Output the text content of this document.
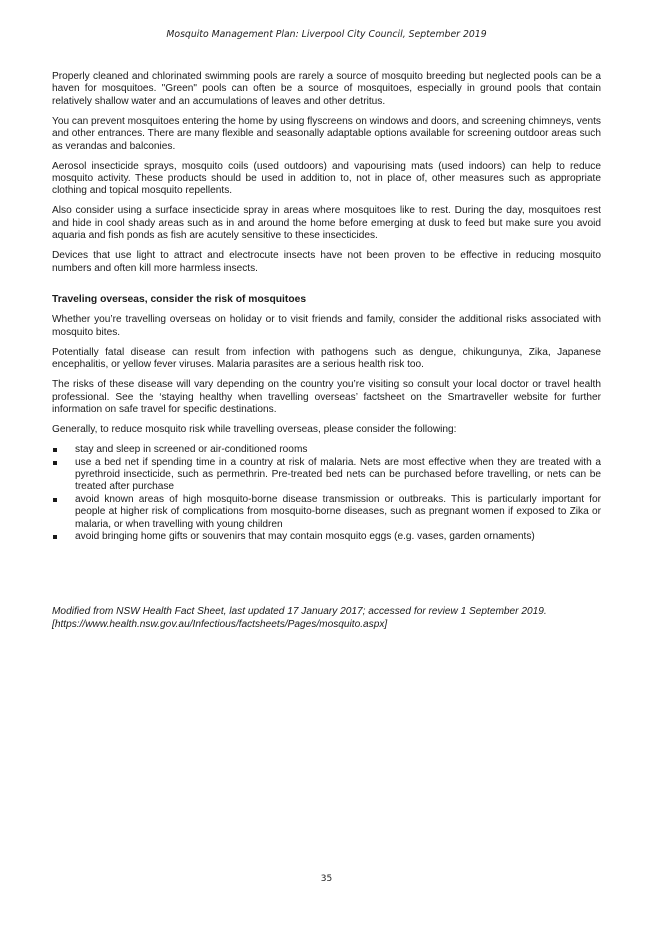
Mosquito Management Plan: Liverpool City Council, September 2019

Properly cleaned and chlorinated swimming pools are rarely a source of mosquito breeding but neglected pools can be a haven for mosquitoes. "Green" pools can often be a source of mosquitoes, especially in ground pools that contain relatively shallow water and an accumulations of leaves and other detritus.

You can prevent mosquitoes entering the home by using flyscreens on windows and doors, and screening chimneys, vents and other entrances. There are many flexible and seasonally adaptable options available for screening outdoor areas such as verandas and balconies.

Aerosol insecticide sprays, mosquito coils (used outdoors) and vapourising mats (used indoors) can help to reduce mosquito activity. These products should be used in addition to, not in place of, other measures such as appropriate clothing and topical mosquito repellents.

Also consider using a surface insecticide spray in areas where mosquitoes like to rest. During the day, mosquitoes rest and hide in cool shady areas such as in and around the home before emerging at dusk to feed but make sure you avoid aquaria and fish ponds as fish are acutely sensitive to these insecticides.

Devices that use light to attract and electrocute insects have not been proven to be effective in reducing mosquito numbers and often kill more harmless insects.

Traveling overseas, consider the risk of mosquitoes

Whether you’re travelling overseas on holiday or to visit friends and family, consider the additional risks associated with mosquito bites.

Potentially fatal disease can result from infection with pathogens such as dengue, chikungunya, Zika, Japanese encephalitis, or yellow fever viruses. Malaria parasites are a serious health risk too.

The risks of these disease will vary depending on the country you’re visiting so consult your local doctor or travel health professional. See the ‘staying healthy when travelling overseas’ factsheet on the Smartraveller website for further information on safe travel for specific destinations.

Generally, to reduce mosquito risk while travelling overseas, please consider the following:

stay and sleep in screened or air-conditioned rooms
use a bed net if spending time in a country at risk of malaria. Nets are most effective when they are treated with a pyrethroid insecticide, such as permethrin. Pre-treated bed nets can be purchased before travelling, or nets can be treated after purchase
avoid known areas of high mosquito-borne disease transmission or outbreaks. This is particularly important for people at higher risk of complications from mosquito-borne diseases, such as pregnant women if exposed to Zika or malaria, or when travelling with young children
avoid bringing home gifts or souvenirs that may contain mosquito eggs (e.g. vases, garden ornaments)
Modified from NSW Health Fact Sheet, last updated 17 January 2017; accessed for review 1 September 2019.[https://www.health.nsw.gov.au/Infectious/factsheets/Pages/mosquito.aspx]
35
